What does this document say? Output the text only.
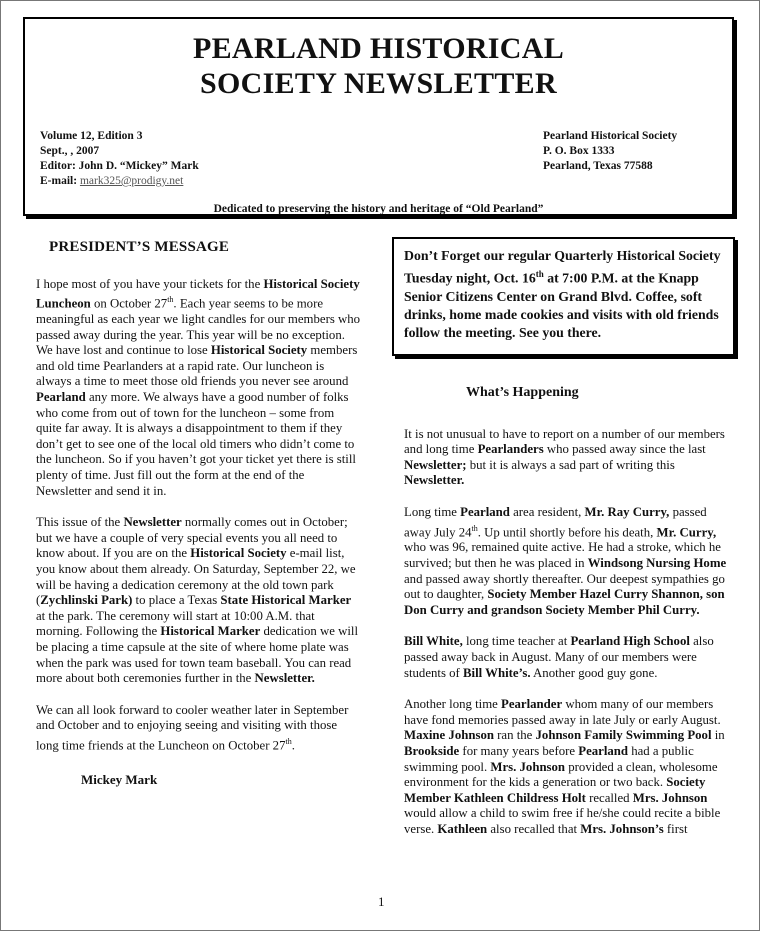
PEARLAND HISTORICAL
SOCIETY NEWSLETTER
Volume 12, Edition 3
Sept., , 2007
Editor: John D. “Mickey” Mark
E-mail: mark325@prodigy.net
Pearland Historical Society
P. O. Box 1333
Pearland, Texas 77588
Dedicated to preserving the history and heritage of “Old Pearland”
PRESIDENT’S MESSAGE

I hope most of you have your tickets for the Historical Society Luncheon on October 27th. Each year seems to be more meaningful as each year we light candles for our members who passed away during the year. This year will be no exception. We have lost and continue to lose Historical Society members and old time Pearlanders at a rapid rate. Our luncheon is always a time to meet those old friends you never see around Pearland any more. We always have a good number of folks who come from out of town for the luncheon – some from quite far away. It is always a disappointment to them if they don’t get to see one of the local old timers who didn’t come to the luncheon. So if you haven’t got your ticket yet there is still plenty of time. Just fill out the form at the end of the Newsletter and send it in.

This issue of the Newsletter normally comes out in October; but we have a couple of very special events you all need to know about. If you are on the Historical Society e-mail list, you know about them already. On Saturday, September 22, we will be having a dedication ceremony at the old town park (Zychlinski Park) to place a Texas State Historical Marker at the park. The ceremony will start at 10:00 A.M. that morning. Following the Historical Marker dedication we will be placing a time capsule at the site of where home plate was when the park was used for town team baseball. You can read more about both ceremonies further in the Newsletter.

We can all look forward to cooler weather later in September and October and to enjoying seeing and visiting with those long time friends at the Luncheon on October 27th.

Mickey Mark
Don’t Forget our regular Quarterly Historical Society Tuesday night, Oct. 16th at 7:00 P.M. at the Knapp Senior Citizens Center on Grand Blvd. Coffee, soft drinks, home made cookies and visits with old friends follow the meeting. See you there.
What’s Happening

It is not unusual to have to report on a number of our members and long time Pearlanders who passed away since the last Newsletter; but it is always a sad part of writing this Newsletter.

Long time Pearland area resident, Mr. Ray Curry, passed away July 24th. Up until shortly before his death, Mr. Curry, who was 96, remained quite active. He had a stroke, which he survived; but then he was placed in Windsong Nursing Home and passed away shortly thereafter. Our deepest sympathies go out to daughter, Society Member Hazel Curry Shannon, son Don Curry and grandson Society Member Phil Curry.

Bill White, long time teacher at Pearland High School also passed away back in August. Many of our members were students of Bill White’s. Another good guy gone.

Another long time Pearlander whom many of our members have fond memories passed away in late July or early August. Maxine Johnson ran the Johnson Family Swimming Pool in Brookside for many years before Pearland had a public swimming pool. Mrs. Johnson provided a clean, wholesome environment for the kids a generation or two back. Society Member Kathleen Childress Holt recalled Mrs. Johnson would allow a child to swim free if he/she could recite a bible verse. Kathleen also recalled that Mrs. Johnson’s first

1
